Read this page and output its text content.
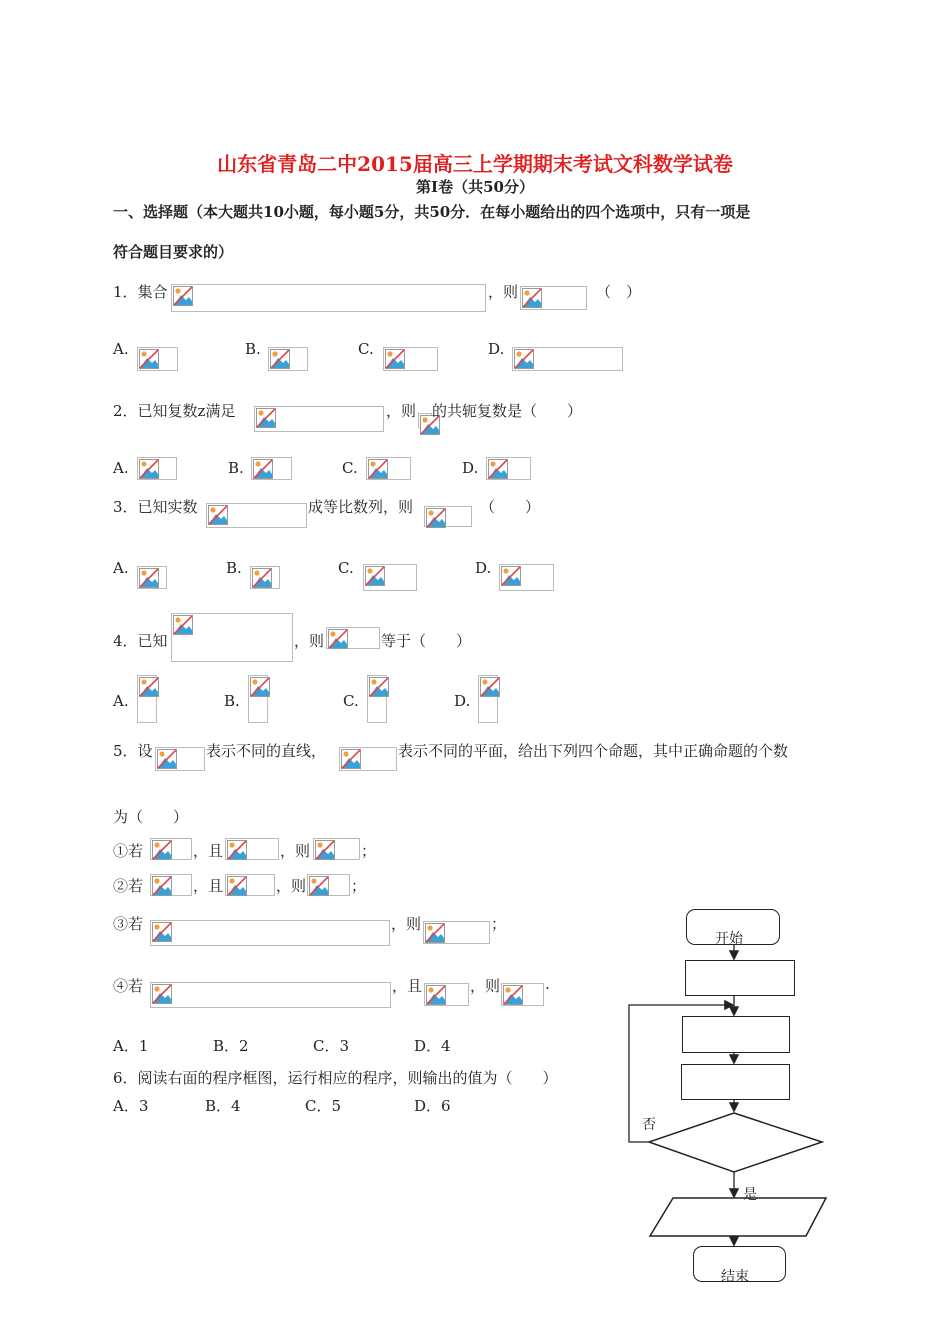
山东省青岛二中2015届高三上学期期末考试文科数学试卷
第Ⅰ卷（共50分）
一、选择题（本大题共10小题，每小题5分，共50分．在每小题给出的四个选项中，只有一项是
符合题目要求的）
1．集合	，则	（　）
A.	B.	C.	D.
2．已知复数z满足	，则 的共轭复数是（　　）
A.	B.	C.	D.
3．已知实数	成等比数列，则	（　　）
A.	B.	C.	D.
4．已知	，则	等于（　　）
A.	B.	C.	D.
5．设	表示不同的直线，	表示不同的平面，给出下列四个命题，其中正确命题的个数
为（　　）
①若	，且	，则	；
②若	，且	，则	；
③若	，则	；
④若	，且	，则	.
A．1	B．2	C．3	D．4
6．阅读右面的程序框图，运行相应的程序，则输出的值为（　　）
A．3	B．4	C．5	D．6
开始
否
是
结束
